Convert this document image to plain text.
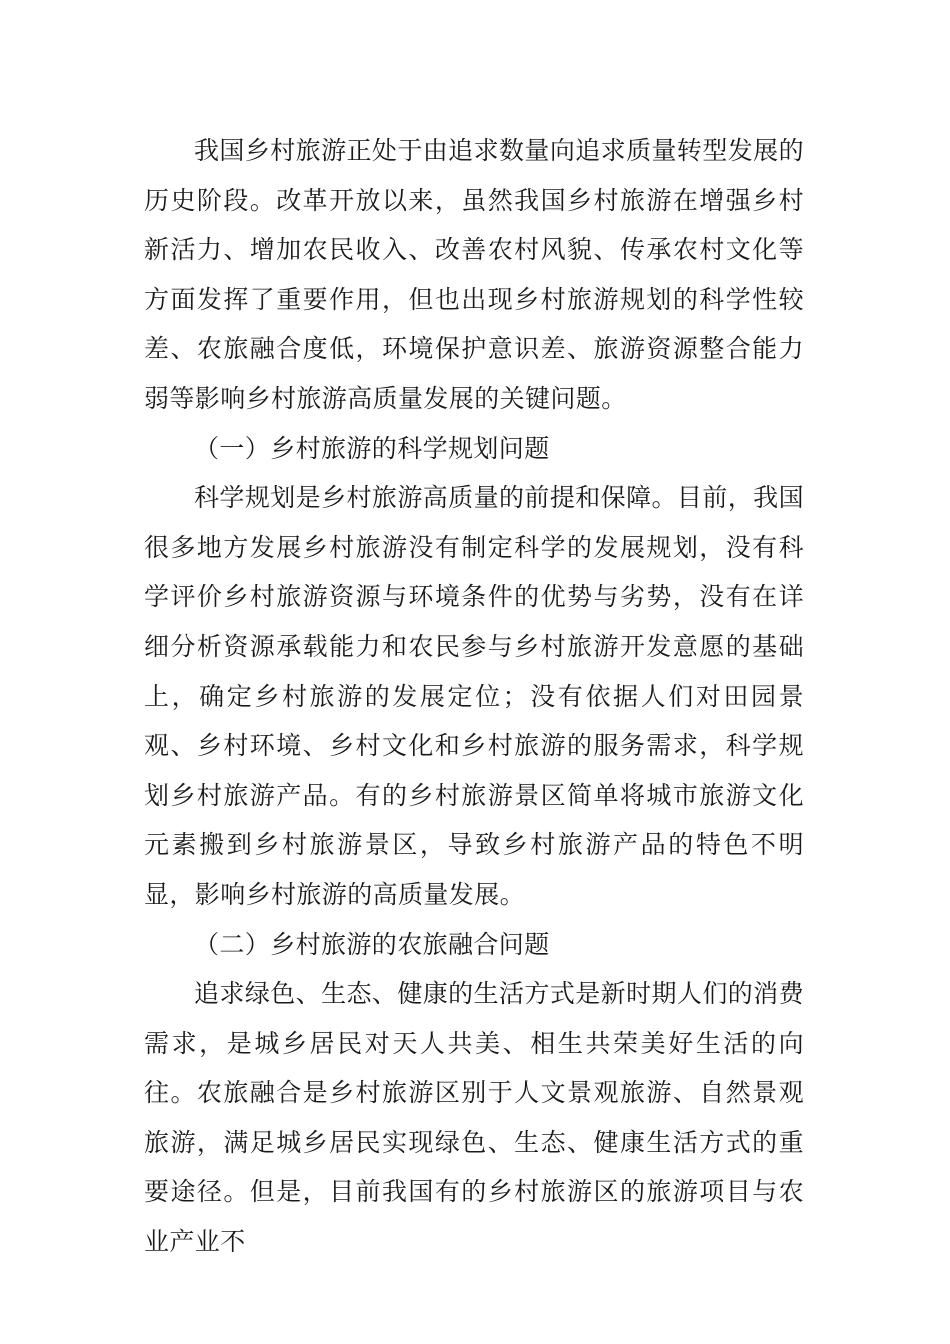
我国乡村旅游正处于由追求数量向追求质量转型发展的历史阶段。改革开放以来，虽然我国乡村旅游在增强乡村新活力、增加农民收入、改善农村风貌、传承农村文化等方面发挥了重要作用，但也出现乡村旅游规划的科学性较差、农旅融合度低，环境保护意识差、旅游资源整合能力弱等影响乡村旅游高质量发展的关键问题。

（一）乡村旅游的科学规划问题

科学规划是乡村旅游高质量的前提和保障。目前，我国很多地方发展乡村旅游没有制定科学的发展规划，没有科学评价乡村旅游资源与环境条件的优势与劣势，没有在详细分析资源承载能力和农民参与乡村旅游开发意愿的基础上，确定乡村旅游的发展定位；没有依据人们对田园景观、乡村环境、乡村文化和乡村旅游的服务需求，科学规划乡村旅游产品。有的乡村旅游景区简单将城市旅游文化元素搬到乡村旅游景区，导致乡村旅游产品的特色不明显，影响乡村旅游的高质量发展。

（二）乡村旅游的农旅融合问题

追求绿色、生态、健康的生活方式是新时期人们的消费需求，是城乡居民对天人共美、相生共荣美好生活的向往。农旅融合是乡村旅游区别于人文景观旅游、自然景观旅游，满足城乡居民实现绿色、生态、健康生活方式的重要途径。但是，目前我国有的乡村旅游区的旅游项目与农业产业不
